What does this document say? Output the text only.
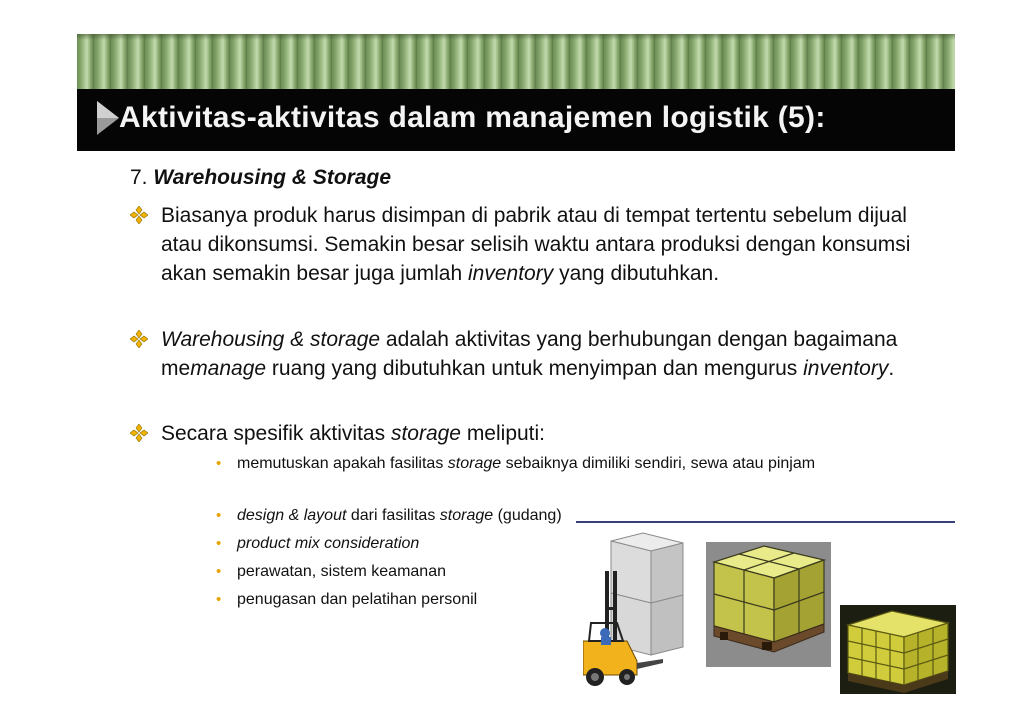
Aktivitas-aktivitas dalam manajemen logistik (5):
7. Warehousing & Storage
Biasanya produk harus disimpan di pabrik atau di tempat tertentu sebelum dijual atau dikonsumsi. Semakin besar selisih waktu antara produksi dengan konsumsi akan semakin besar juga jumlah inventory yang dibutuhkan.
Warehousing & storage adalah aktivitas yang berhubungan dengan bagaimana memanage ruang yang dibutuhkan untuk menyimpan dan mengurus inventory.
Secara spesifik aktivitas storage meliputi:
• memutuskan apakah fasilitas storage sebaiknya dimiliki sendiri, sewa atau pinjam
• design & layout dari fasilitas storage (gudang)
• product mix consideration
• perawatan, sistem keamanan
• penugasan dan pelatihan personil
